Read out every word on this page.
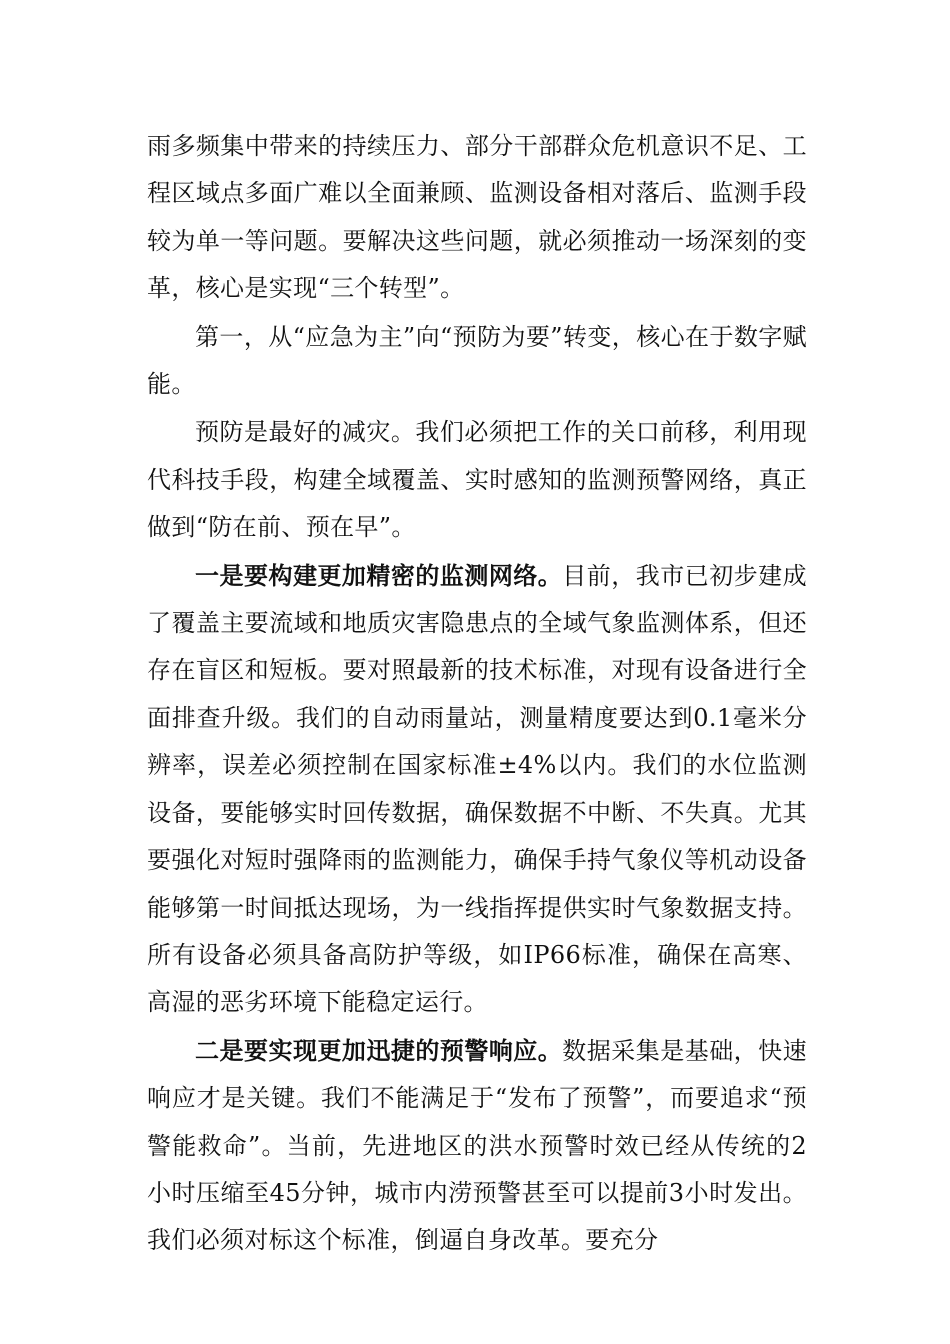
雨多频集中带来的持续压力、部分干部群众危机意识不足、工程区域点多面广难以全面兼顾、监测设备相对落后、监测手段较为单一等问题。要解决这些问题，就必须推动一场深刻的变革，核心是实现“三个转型”。

第一，从“应急为主”向“预防为要”转变，核心在于数字赋能。

预防是最好的减灾。我们必须把工作的关口前移，利用现代科技手段，构建全域覆盖、实时感知的监测预警网络，真正做到“防在前、预在早”。

一是要构建更加精密的监测网络。目前，我市已初步建成了覆盖主要流域和地质灾害隐患点的全域气象监测体系，但还存在盲区和短板。要对照最新的技术标准，对现有设备进行全面排查升级。我们的自动雨量站，测量精度要达到0.1毫米分辨率，误差必须控制在国家标准±4%以内。我们的水位监测设备，要能够实时回传数据，确保数据不中断、不失真。尤其要强化对短时强降雨的监测能力，确保手持气象仪等机动设备能够第一时间抵达现场，为一线指挥提供实时气象数据支持。所有设备必须具备高防护等级，如IP66标准，确保在高寒、高湿的恶劣环境下能稳定运行。

二是要实现更加迅捷的预警响应。数据采集是基础，快速响应才是关键。我们不能满足于“发布了预警”，而要追求“预警能救命”。当前，先进地区的洪水预警时效已经从传统的2小时压缩至45分钟，城市内涝预警甚至可以提前3小时发出。我们必须对标这个标准，倒逼自身改革。要充分
